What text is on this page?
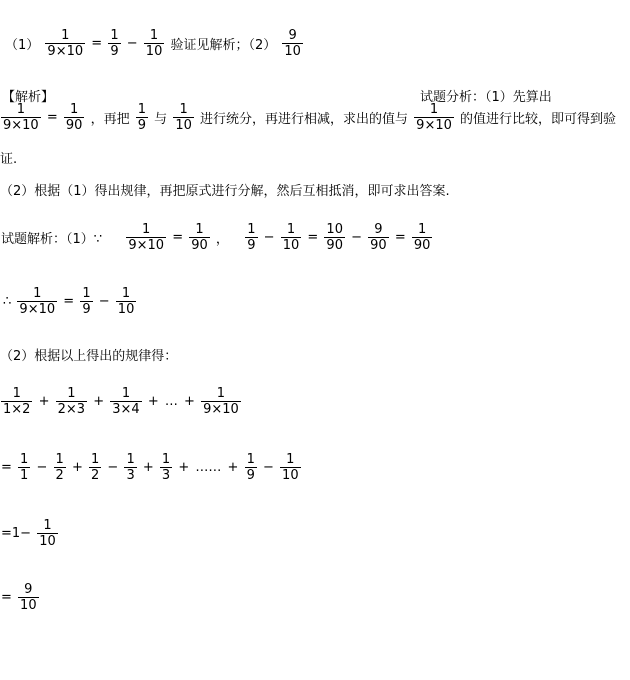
$(1) \frac{1}{9\times 10} = \frac{1}{9} - \frac{1}{10}$ 验证见解析；$(2) \frac{9}{10}$
【解析】	试题分析：（1）先算出
$\frac{1}{9\times 10} = \frac{1}{90}$ ，再把 $\frac{1}{9}$ 与 $\frac{1}{10}$ 进行统分，再进行相减，求出的值与 $\frac{1}{9\times 10}$ 的值进行比较，即可得到验
证.
（2）根据（1）得出规律，再把原式进行分解，然后互相抵消，即可求出答案.
试题解析：（1）∵ $\frac{1}{9\times 10} = \frac{1}{90}$ ， $\frac{1}{9} - \frac{1}{10} = \frac{10}{90} - \frac{9}{90} = \frac{1}{90}$
∴ $\frac{1}{9\times 10} = \frac{1}{9} - \frac{1}{10}$
（2）根据以上得出的规律得：
$\frac{1}{1\times 2} + \frac{1}{2\times 3} + \frac{1}{3\times 4}$ + … + $\frac{1}{9\times 10}$
= $\frac{1}{1} - \frac{1}{2} + \frac{1}{2} - \frac{1}{3} + \frac{1}{3}$ + …… + $\frac{1}{9} - \frac{1}{10}$
$=1- \frac{1}{10}$
= $\frac{9}{10}$
